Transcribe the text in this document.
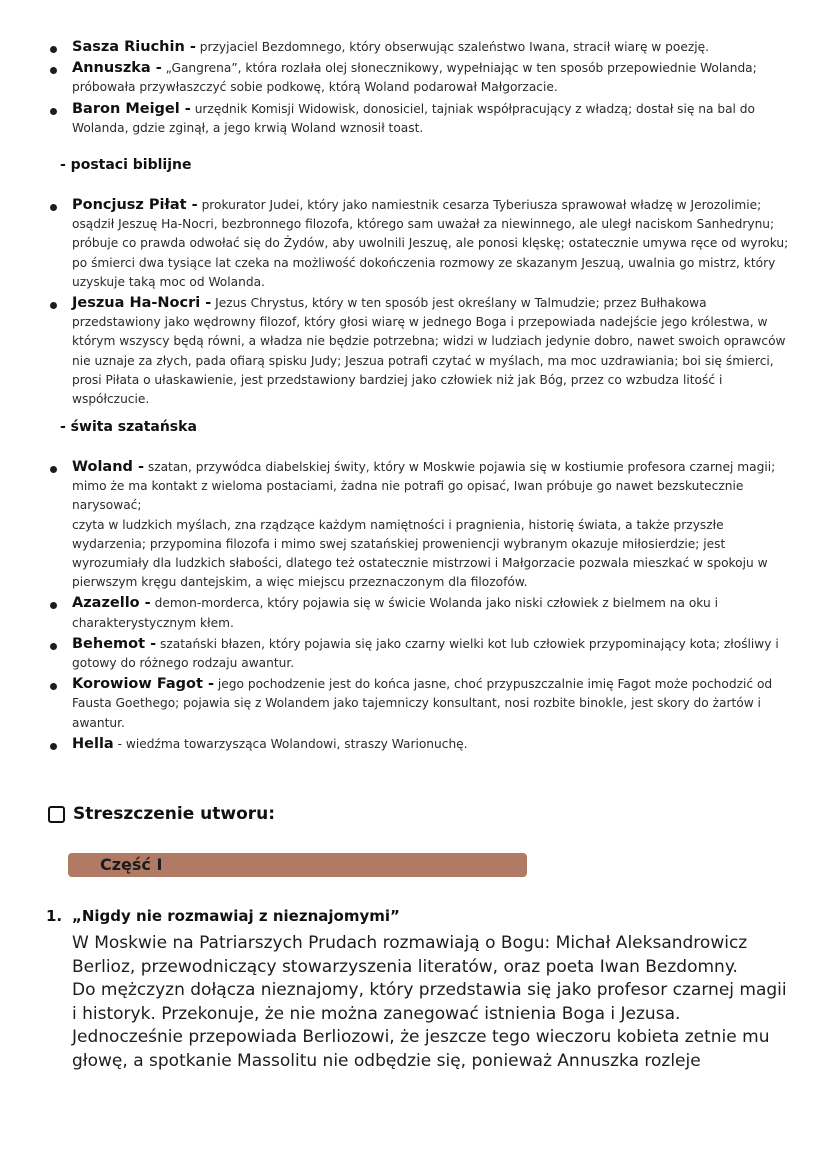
Sasza Riuchin - przyjaciel Bezdomnego, który obserwując szaleństwo Iwana, stracił wiarę w poezję.
Annuszka - „Gangrena”, która rozlała olej słonecznikowy, wypełniając w ten sposób przepowiednie Wolanda; próbowała przywłaszczyć sobie podkowę, którą Woland podarował Małgorzacie.
Baron Meigel - urzędnik Komisji Widowisk, donosiciel, tajniak współpracujący z władzą; dostał się na bal do Wolanda, gdzie zginął, a jego krwią Woland wznosił toast.
- postaci biblijne
Poncjusz Piłat - prokurator Judei, który jako namiestnik cesarza Tyberiusza sprawował władzę w Jerozolimie; osądził Jeszuę Ha-Nocri, bezbronnego filozofa, którego sam uważał za niewinnego, ale uległ naciskom Sanhedrynu; próbuje co prawda odwołać się do Żydów, aby uwolnili Jeszuę, ale ponosi klęskę; ostatecznie umywa ręce od wyroku; po śmierci dwa tysiące lat czeka na możliwość dokończenia rozmowy ze skazanym Jeszuą, uwalnia go mistrz, który uzyskuje taką moc od Wolanda.
Jeszua Ha-Nocri - Jezus Chrystus, który w ten sposób jest określany w Talmudzie; przez Bułhakowa przedstawiony jako wędrowny filozof, który głosi wiarę w jednego Boga i przepowiada nadejście jego królestwa, w którym wszyscy będą równi, a władza nie będzie potrzebna; widzi w ludziach jedynie dobro, nawet swoich oprawców nie uznaje za złych, pada ofiarą spisku Judy; Jeszua potrafi czytać w myślach, ma moc uzdrawiania; boi się śmierci, prosi Piłata o ułaskawienie, jest przedstawiony bardziej jako człowiek niż jak Bóg, przez co wzbudza litość i współczucie.
- świta szatańska
Woland - szatan, przywódca diabelskiej świty, który w Moskwie pojawia się w kostiumie profesora czarnej magii; mimo że ma kontakt z wieloma postaciami, żadna nie potrafi go opisać, Iwan próbuje go nawet bezskutecznie narysować;
czyta w ludzkich myślach, zna rządzące każdym namiętności i pragnienia, historię świata, a także przyszłe wydarzenia; przypomina filozofa i mimo swej szatańskiej proweniencji wybranym okazuje miłosierdzie; jest wyrozumiały dla ludzkich słabości, dlatego też ostatecznie mistrzowi i Małgorzacie pozwala mieszkać w spokoju w pierwszym kręgu dantejskim, a więc miejscu przeznaczonym dla filozofów.
Azazello - demon-morderca, który pojawia się w świcie Wolanda jako niski człowiek z bielmem na oku i charakterystycznym kłem.
Behemot - szatański błazen, który pojawia się jako czarny wielki kot lub człowiek przypominający kota; złośliwy i gotowy do różnego rodzaju awantur.
Korowiow Fagot - jego pochodzenie jest do końca jasne, choć przypuszczalnie imię Fagot może pochodzić od Fausta Goethego; pojawia się z Wolandem jako tajemniczy konsultant, nosi rozbite binokle, jest skory do żartów i awantur.
Hella - wiedźma towarzysząca Wolandowi, straszy Warionuchę.
Streszczenie utworu:
Część I
1. „Nigdy nie rozmawiaj z nieznajomymi”

W Moskwie na Patriarszych Prudach rozmawiają o Bogu: Michał Aleksandrowicz Berlioz, przewodniczący stowarzyszenia literatów, oraz poeta Iwan Bezdomny.

Do mężczyzn dołącza nieznajomy, który przedstawia się jako profesor czarnej magii i historyk. Przekonuje, że nie można zanegować istnienia Boga i Jezusa. Jednocześnie przepowiada Berliozowi, że jeszcze tego wieczoru kobieta zetnie mu głowę, a spotkanie Massolitu nie odbędzie się, ponieważ Annuszka rozleje
